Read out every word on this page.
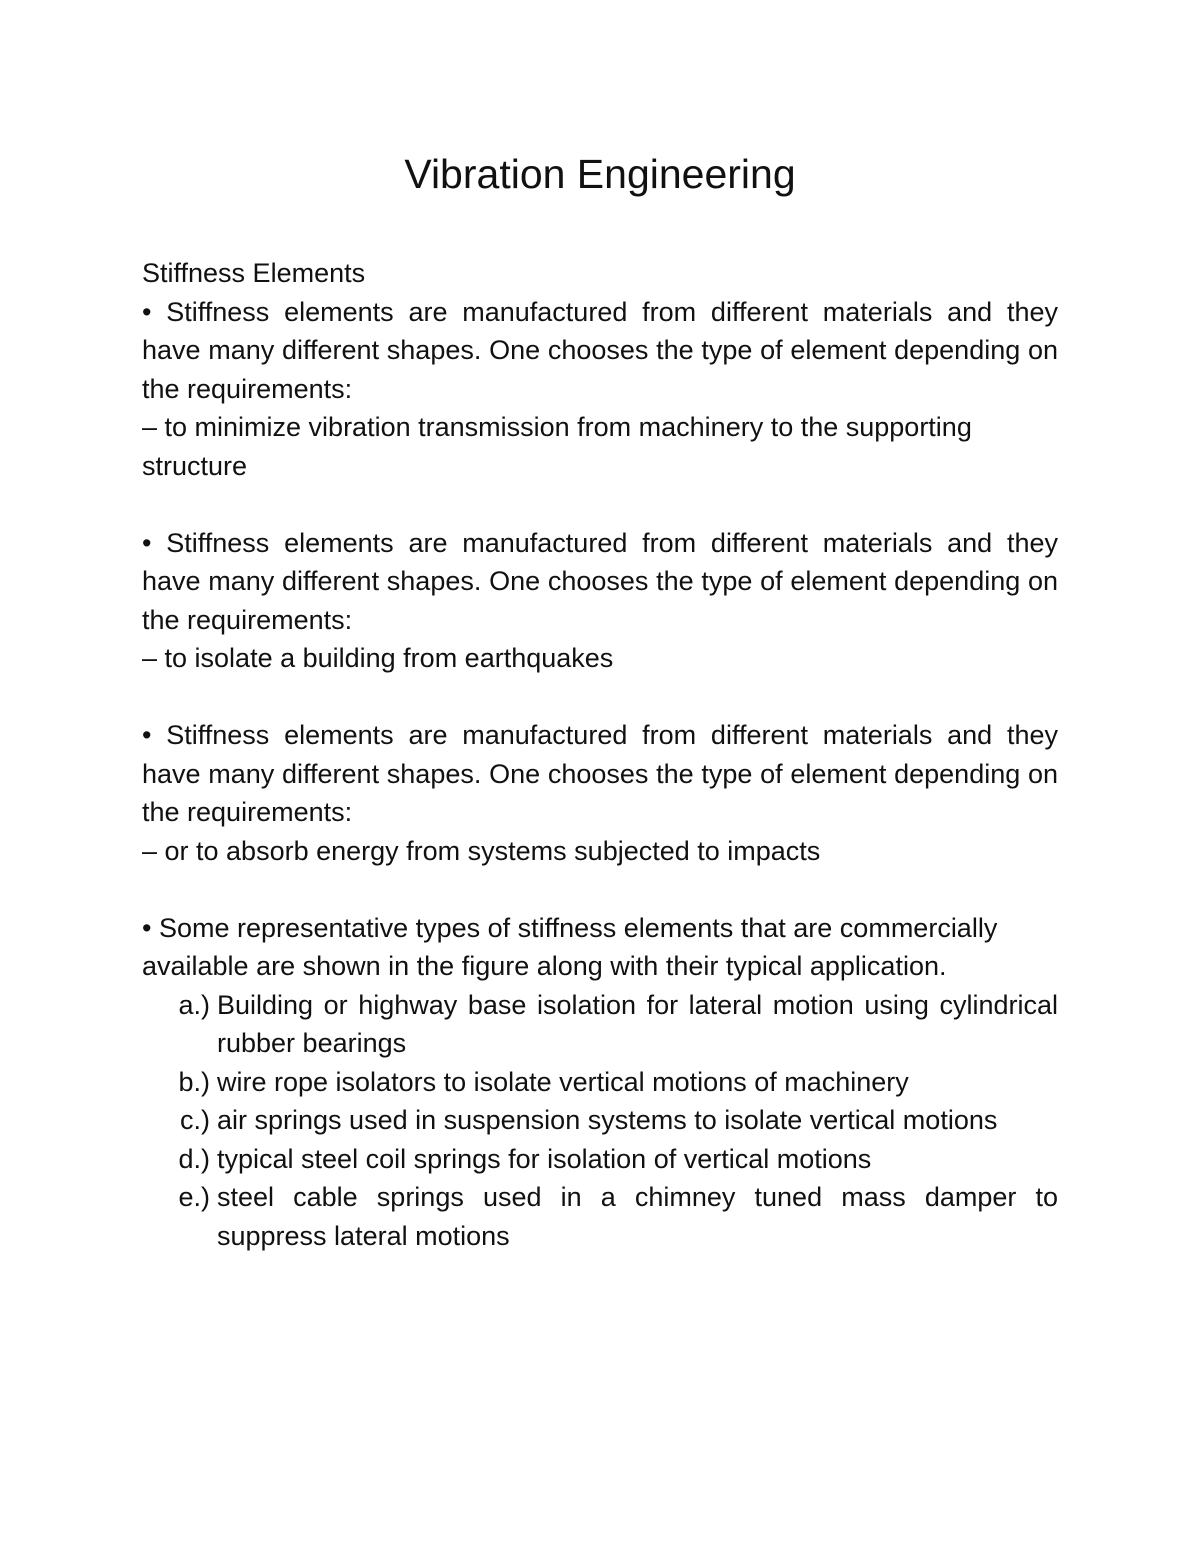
Vibration Engineering

Stiffness Elements

• Stiffness elements are manufactured from different materials and they have many different shapes. One chooses the type of element depending on the requirements:

– to minimize vibration transmission from machinery to the supporting structure

• Stiffness elements are manufactured from different materials and they have many different shapes. One chooses the type of element depending on the requirements:

– to isolate a building from earthquakes

• Stiffness elements are manufactured from different materials and they have many different shapes. One chooses the type of element depending on the requirements:

– or to absorb energy from systems subjected to impacts

• Some representative types of stiffness elements that are commercially available are shown in the figure along with their typical application.

a.) Building or highway base isolation for lateral motion using cylindrical rubber bearings
b.) wire rope isolators to isolate vertical motions of machinery
c.) air springs used in suspension systems to isolate vertical motions
d.) typical steel coil springs for isolation of vertical motions
e.) steel cable springs used in a chimney tuned mass damper to suppress lateral motions
